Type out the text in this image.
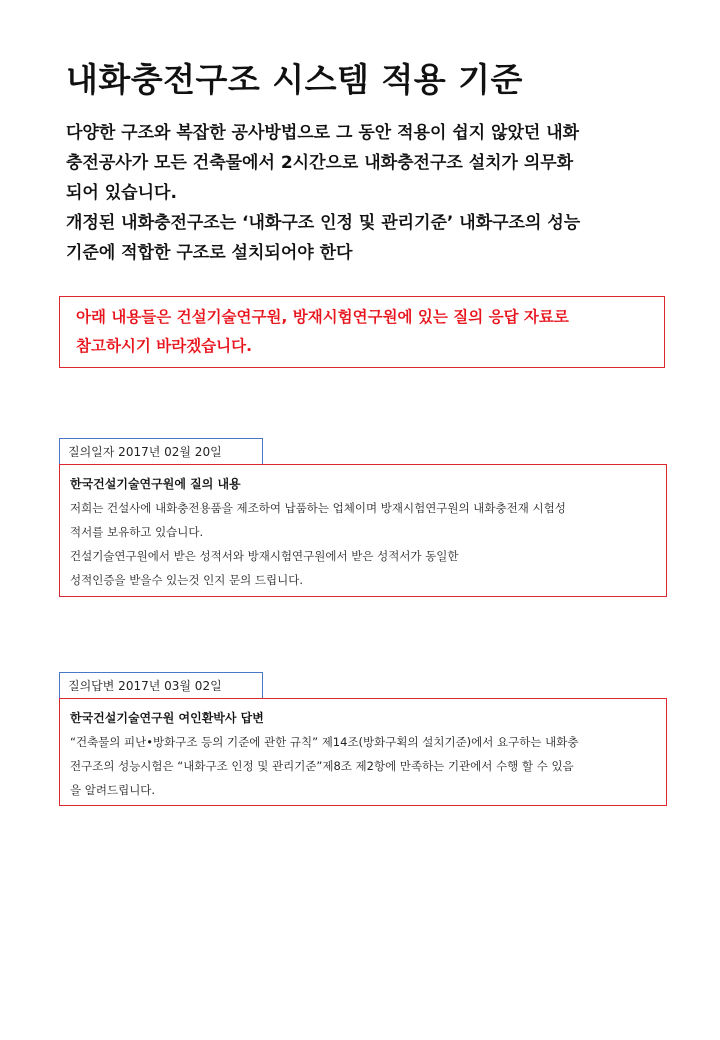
내화충전구조 시스템 적용 기준
다양한 구조와 복잡한 공사방법으로 그 동안 적용이 쉽지 않았던 내화
충전공사가 모든 건축물에서 2시간으로 내화충전구조 설치가 의무화
되어 있습니다.
개정된 내화충전구조는 ‘내화구조 인정 및 관리기준’ 내화구조의 성능
기준에 적합한 구조로 설치되어야 한다
아래 내용들은 건설기술연구원, 방재시험연구원에 있는 질의 응답 자료로
참고하시기 바라겠습니다.
질의일자 2017년 02월 20일
한국건설기술연구원에 질의 내용
저희는 건설사에 내화충전용품을 제조하여 납품하는 업체이며 방재시험연구원의 내화충전재 시험성
적서를 보유하고 있습니다.
건설기술연구원에서 받은 성적서와 방재시험연구원에서 받은 성적서가 동일한
성적인증을 받을수 있는것 인지 문의 드립니다.
질의답변 2017년 03월 02일
한국건설기술연구원 여인환박사 답변
“건축물의 피난•방화구조 등의 기준에 관한 규칙” 제14조(방화구획의 설치기준)에서 요구하는 내화충
전구조의 성능시험은 “내화구조 인정 및 관리기준”제8조 제2항에 만족하는 기관에서 수행 할 수 있음
을 알려드립니다.
